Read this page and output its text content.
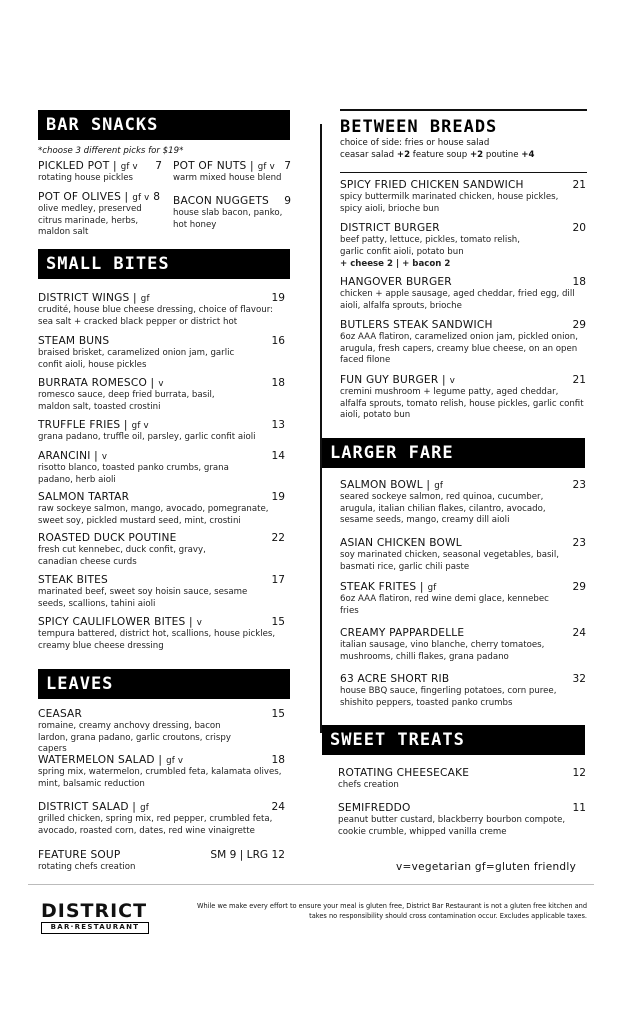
BAR SNACKS
*choose 3 different picks for $19*
PICKLED POT | gf v 7
rotating house pickles
POT OF NUTS | gf v 7
warm mixed house blend
POT OF OLIVES | gf v 8
olive medley, preserved citrus marinade, herbs, maldon salt
BACON NUGGETS	9
house slab bacon, panko, hot honey
SMALL BITES
DISTRICT WINGS | gf	19
crudité, house blue cheese dressing, choice of flavour: sea salt + cracked black pepper or district hot
STEAM BUNS	16
braised brisket, caramelized onion jam, garlic confit aioli, house pickles
BURRATA ROMESCO | v	18
romesco sauce, deep fried burrata, basil, maldon salt, toasted crostini
TRUFFLE FRIES | gf v	13
grana padano, truffle oil, parsley, garlic confit aioli
ARANCINI | v	14
risotto blanco, toasted panko crumbs, grana padano, herb aioli
SALMON TARTAR	19
raw sockeye salmon, mango, avocado, pomegranate, sweet soy, pickled mustard seed, mint, crostini
ROASTED DUCK POUTINE	22
fresh cut kennebec, duck confit, gravy, canadian cheese curds
STEAK BITES	17
marinated beef, sweet soy hoisin sauce, sesame seeds, scallions, tahini aioli
SPICY CAULIFLOWER BITES | v	15
tempura battered, district hot, scallions, house pickles, creamy blue cheese dressing
LEAVES
CEASAR	15
romaine, creamy anchovy dressing, bacon lardon, grana padano, garlic croutons, crispy capers
WATERMELON SALAD | gf v	18
spring mix, watermelon, crumbled feta, kalamata olives, mint, balsamic reduction
DISTRICT SALAD | gf	24
grilled chicken, spring mix, red pepper, crumbled feta, avocado, roasted corn, dates, red wine vinaigrette
FEATURE SOUP	SM 9 | LRG 12
rotating chefs creation
BETWEEN BREADS
choice of side: fries or house salad
ceasar salad +2 feature soup +2 poutine +4
SPICY FRIED CHICKEN SANDWICH	21
spicy buttermilk marinated chicken, house pickles, spicy aioli, brioche bun
DISTRICT BURGER	20
beef patty, lettuce, pickles, tomato relish, garlic confit aioli, potato bun
+ cheese 2 | + bacon 2
HANGOVER BURGER	18
chicken + apple sausage, aged cheddar, fried egg, dill aioli, alfalfa sprouts, brioche
BUTLERS STEAK SANDWICH	29
6oz AAA flatiron, caramelized onion jam, pickled onion, arugula, fresh capers, creamy blue cheese, on an open faced filone
FUN GUY BURGER | v	21
cremini mushroom + legume patty, aged cheddar, alfalfa sprouts, tomato relish, house pickles, garlic confit aioli, potato bun
LARGER FARE
SALMON BOWL | gf	23
seared sockeye salmon, red quinoa, cucumber, arugula, italian chilian flakes, cilantro, avocado, sesame seeds, mango, creamy dill aioli
ASIAN CHICKEN BOWL	23
soy marinated chicken, seasonal vegetables, basil, basmati rice, garlic chili paste
STEAK FRITES | gf	29
6oz AAA flatiron, red wine demi glace, kennebec fries
CREAMY PAPPARDELLE	24
italian sausage, vino blanche, cherry tomatoes, mushrooms, chilli flakes, grana padano
63 ACRE SHORT RIB	32
house BBQ sauce, fingerling potatoes, corn puree, shishito peppers, toasted panko crumbs
SWEET TREATS
ROTATING CHEESECAKE	12
chefs creation
SEMIFREDDO	11
peanut butter custard, blackberry bourbon compote, cookie crumble, whipped vanilla creme
v=vegetarian gf=gluten friendly
DISTRICT
BAR·RESTAURANT
While we make every effort to ensure your meal is gluten free, District Bar Restaurant is not a gluten free kitchen and takes no responsibility should cross contamination occur. Excludes applicable taxes.
